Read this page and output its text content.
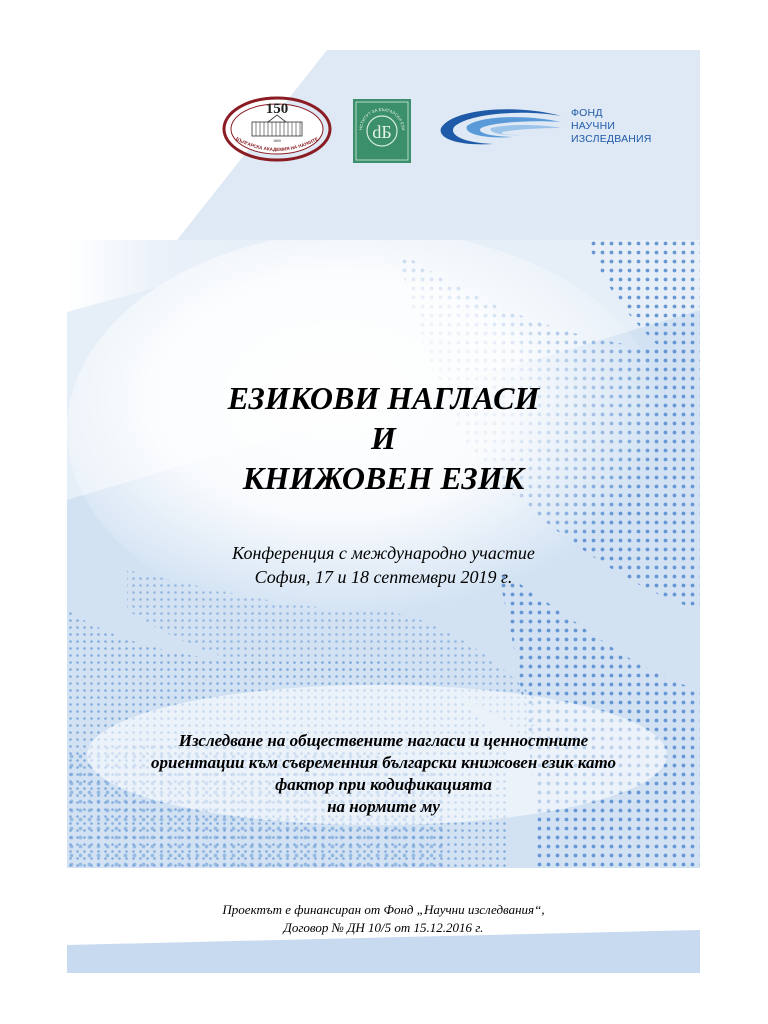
150
1869
БЪЛГАРСКА АКАДЕМИЯ НА НАУКИТЕ	dБ
НСТИТУТ ЗА БЪЛГАРСКИ ЕЗИ
ФОНД
НАУЧНИ
ИЗСЛЕДВАНИЯ
ЕЗИКОВИ НАГЛАСИ
И
КНИЖОВЕН ЕЗИК
Конференция с международно участие
София, 17 и 18 септември 2019 г.
Изследване на обществените нагласи и ценностните
ориентации към съвременния български книжовен език като
фактор при кодификацията
на нормите му
Проектът е финансиран от Фонд „Научни изследвания“,
Договор № ДН 10/5 от 15.12.2016 г.
